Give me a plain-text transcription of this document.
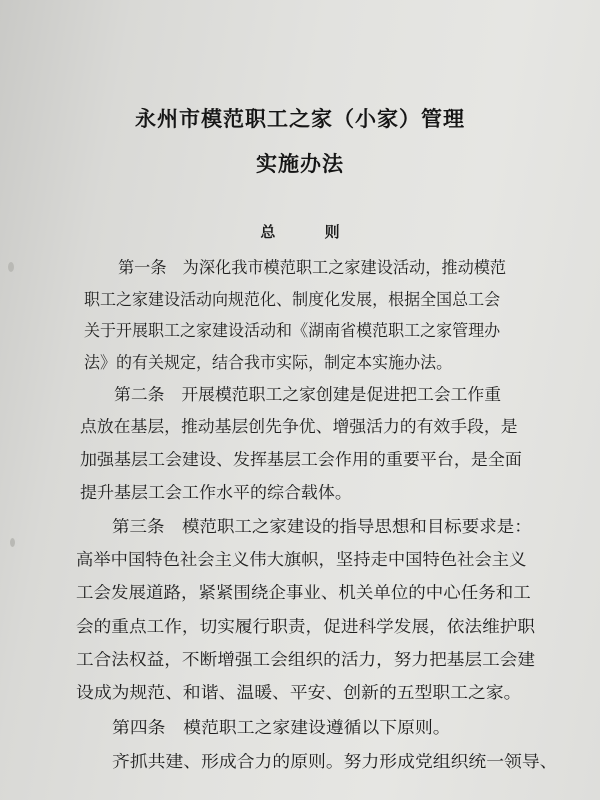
永州市模范职工之家（小家）管理
实施办法
总 则
第一条　为深化我市模范职工之家建设活动，推动模范
职工之家建设活动向规范化、制度化发展，根据全国总工会
关于开展职工之家建设活动和《湖南省模范职工之家管理办
法》的有关规定，结合我市实际，制定本实施办法。
第二条　开展模范职工之家创建是促进把工会工作重
点放在基层，推动基层创先争优、增强活力的有效手段，是
加强基层工会建设、发挥基层工会作用的重要平台，是全面
提升基层工会工作水平的综合载体。
第三条　模范职工之家建设的指导思想和目标要求是：
高举中国特色社会主义伟大旗帜，坚持走中国特色社会主义
工会发展道路，紧紧围绕企事业、机关单位的中心任务和工
会的重点工作，切实履行职责，促进科学发展，依法维护职
工合法权益，不断增强工会组织的活力，努力把基层工会建
设成为规范、和谐、温暖、平安、创新的五型职工之家。
第四条　模范职工之家建设遵循以下原则。
齐抓共建、形成合力的原则。努力形成党组织统一领导、
